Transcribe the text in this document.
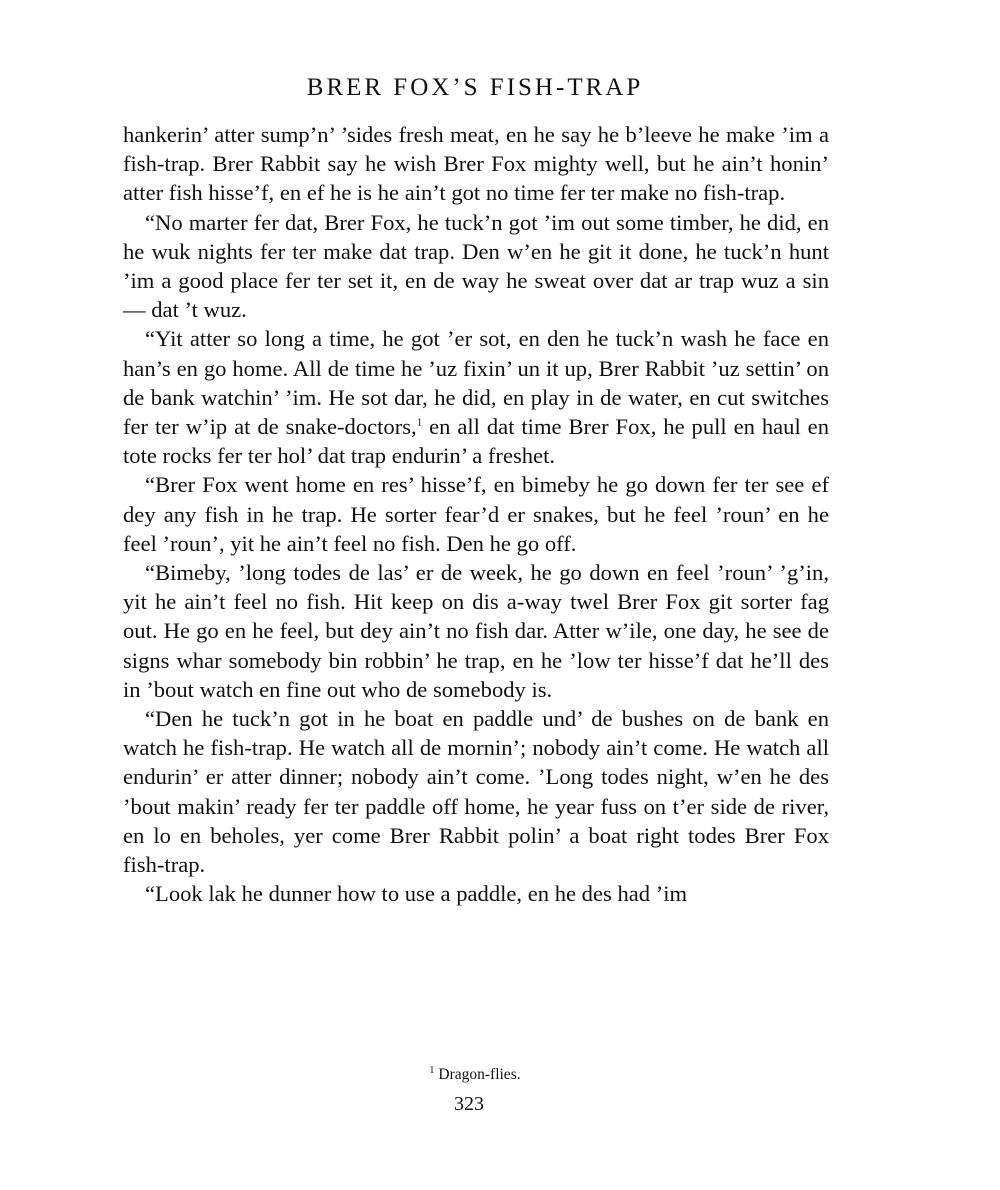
BRER FOX’S FISH-TRAP

hankerin’ atter sump’n’ ’sides fresh meat, en he say he b’leeve he make ’im a fish-trap. Brer Rabbit say he wish Brer Fox mighty well, but he ain’t honin’ atter fish hisse’f, en ef he is he ain’t got no time fer ter make no fish-trap.

“No marter fer dat, Brer Fox, he tuck’n got ’im out some timber, he did, en he wuk nights fer ter make dat trap. Den w’en he git it done, he tuck’n hunt ’im a good place fer ter set it, en de way he sweat over dat ar trap wuz a sin — dat ’t wuz.

“Yit atter so long a time, he got ’er sot, en den he tuck’n wash he face en han’s en go home. All de time he ’uz fixin’ un it up, Brer Rabbit ’uz settin’ on de bank watchin’ ’im. He sot dar, he did, en play in de water, en cut switches fer ter w’ip at de snake-doctors,$^1$ en all dat time Brer Fox, he pull en haul en tote rocks fer ter hol’ dat trap endurin’ a freshet.

“Brer Fox went home en res’ hisse’f, en bimeby he go down fer ter see ef dey any fish in he trap. He sorter fear’d er snakes, but he feel ’roun’ en he feel ’roun’, yit he ain’t feel no fish. Den he go off.

“Bimeby, ’long todes de las’ er de week, he go down en feel ’roun’ ’g’in, yit he ain’t feel no fish. Hit keep on dis a-way twel Brer Fox git sorter fag out. He go en he feel, but dey ain’t no fish dar. Atter w’ile, one day, he see de signs whar somebody bin robbin’ he trap, en he ’low ter hisse’f dat he’ll des in ’bout watch en fine out who de somebody is.

“Den he tuck’n got in he boat en paddle und’ de bushes on de bank en watch he fish-trap. He watch all de mornin’; nobody ain’t come. He watch all endurin’ er atter dinner; nobody ain’t come. ’Long todes night, w’en he des ’bout makin’ ready fer ter paddle off home, he year fuss on t’er side de river, en lo en beholes, yer come Brer Rabbit polin’ a boat right todes Brer Fox fish-trap.

“Look lak he dunner how to use a paddle, en he des had ’im

$^1$ Dragon-flies.
323
